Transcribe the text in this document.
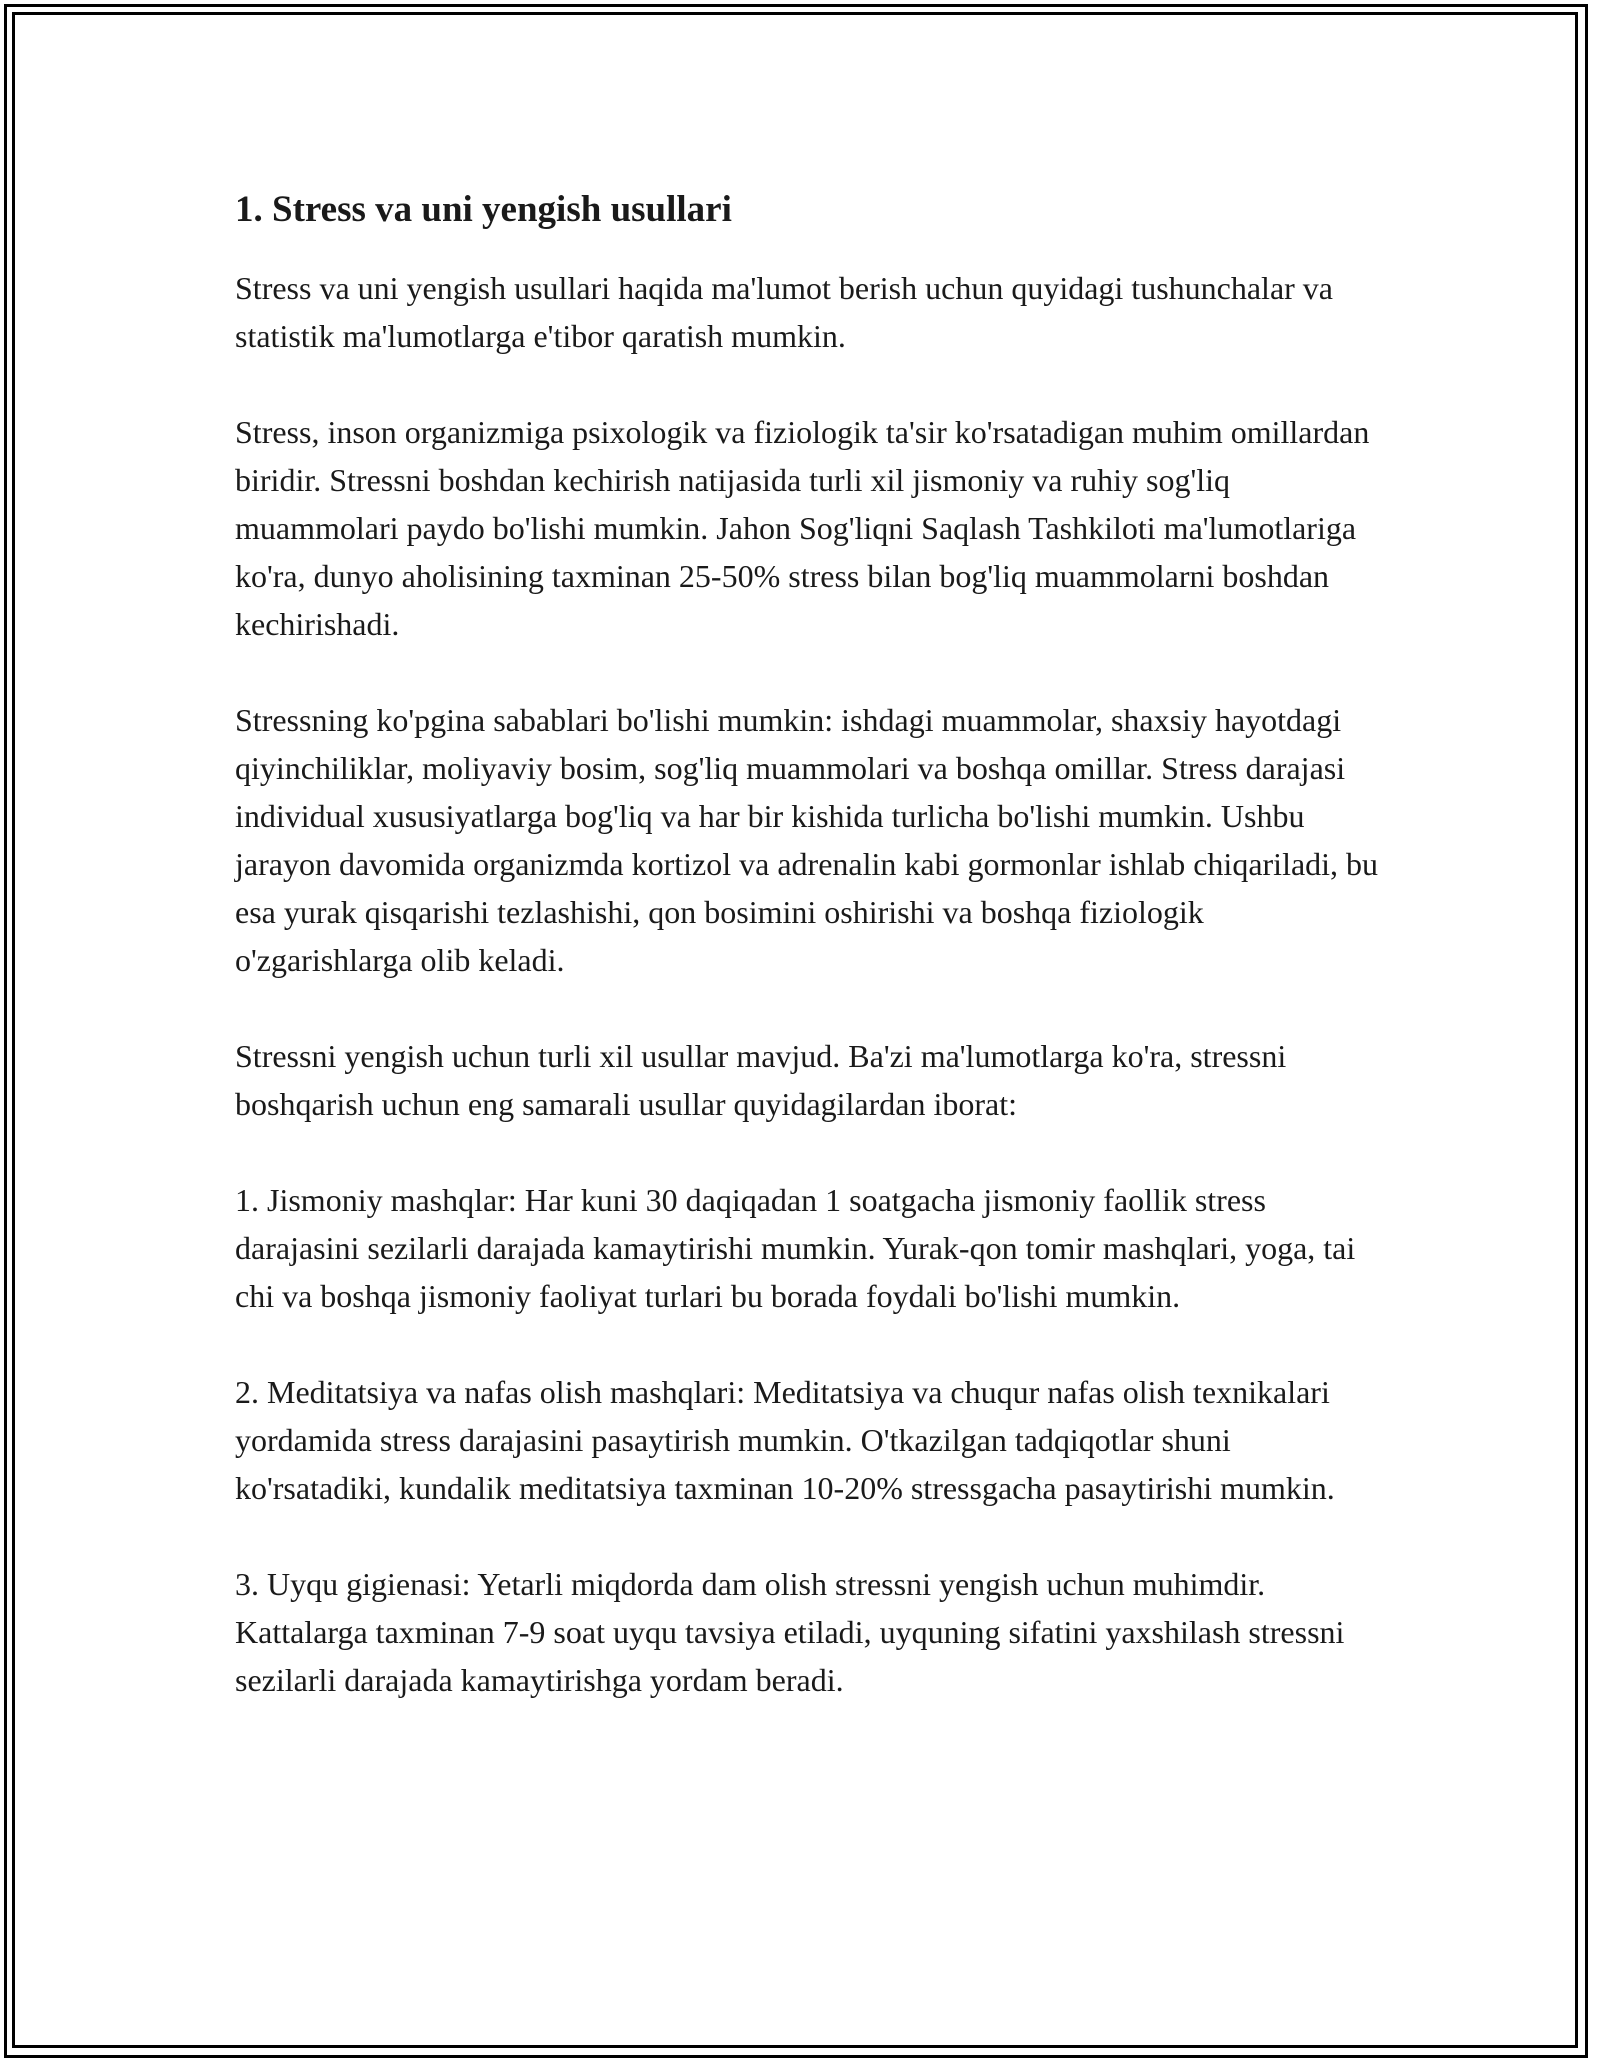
1. Stress va uni yengish usullari

Stress va uni yengish usullari haqida ma'lumot berish uchun quyidagi tushunchalar va statistik ma'lumotlarga e'tibor qaratish mumkin.

Stress, inson organizmiga psixologik va fiziologik ta'sir ko'rsatadigan muhim omillardan biridir. Stressni boshdan kechirish natijasida turli xil jismoniy va ruhiy sog'liq muammolari paydo bo'lishi mumkin. Jahon Sog'liqni Saqlash Tashkiloti ma'lumotlariga ko'ra, dunyo aholisining taxminan 25-50% stress bilan bog'liq muammolarni boshdan kechirishadi.

Stressning ko'pgina sabablari bo'lishi mumkin: ishdagi muammolar, shaxsiy hayotdagi qiyinchiliklar, moliyaviy bosim, sog'liq muammolari va boshqa omillar. Stress darajasi individual xususiyatlarga bog'liq va har bir kishida turlicha bo'lishi mumkin. Ushbu jarayon davomida organizmda kortizol va adrenalin kabi gormonlar ishlab chiqariladi, bu esa yurak qisqarishi tezlashishi, qon bosimini oshirishi va boshqa fiziologik o'zgarishlarga olib keladi.

Stressni yengish uchun turli xil usullar mavjud. Ba'zi ma'lumotlarga ko'ra, stressni boshqarish uchun eng samarali usullar quyidagilardan iborat:

1. Jismoniy mashqlar: Har kuni 30 daqiqadan 1 soatgacha jismoniy faollik stress darajasini sezilarli darajada kamaytirishi mumkin. Yurak-qon tomir mashqlari, yoga, tai chi va boshqa jismoniy faoliyat turlari bu borada foydali bo'lishi mumkin.

2. Meditatsiya va nafas olish mashqlari: Meditatsiya va chuqur nafas olish texnikalari yordamida stress darajasini pasaytirish mumkin. O'tkazilgan tadqiqotlar shuni ko'rsatadiki, kundalik meditatsiya taxminan 10-20% stressgacha pasaytirishi mumkin.

3. Uyqu gigienasi: Yetarli miqdorda dam olish stressni yengish uchun muhimdir. Kattalarga taxminan 7-9 soat uyqu tavsiya etiladi, uyquning sifatini yaxshilash stressni sezilarli darajada kamaytirishga yordam beradi.
